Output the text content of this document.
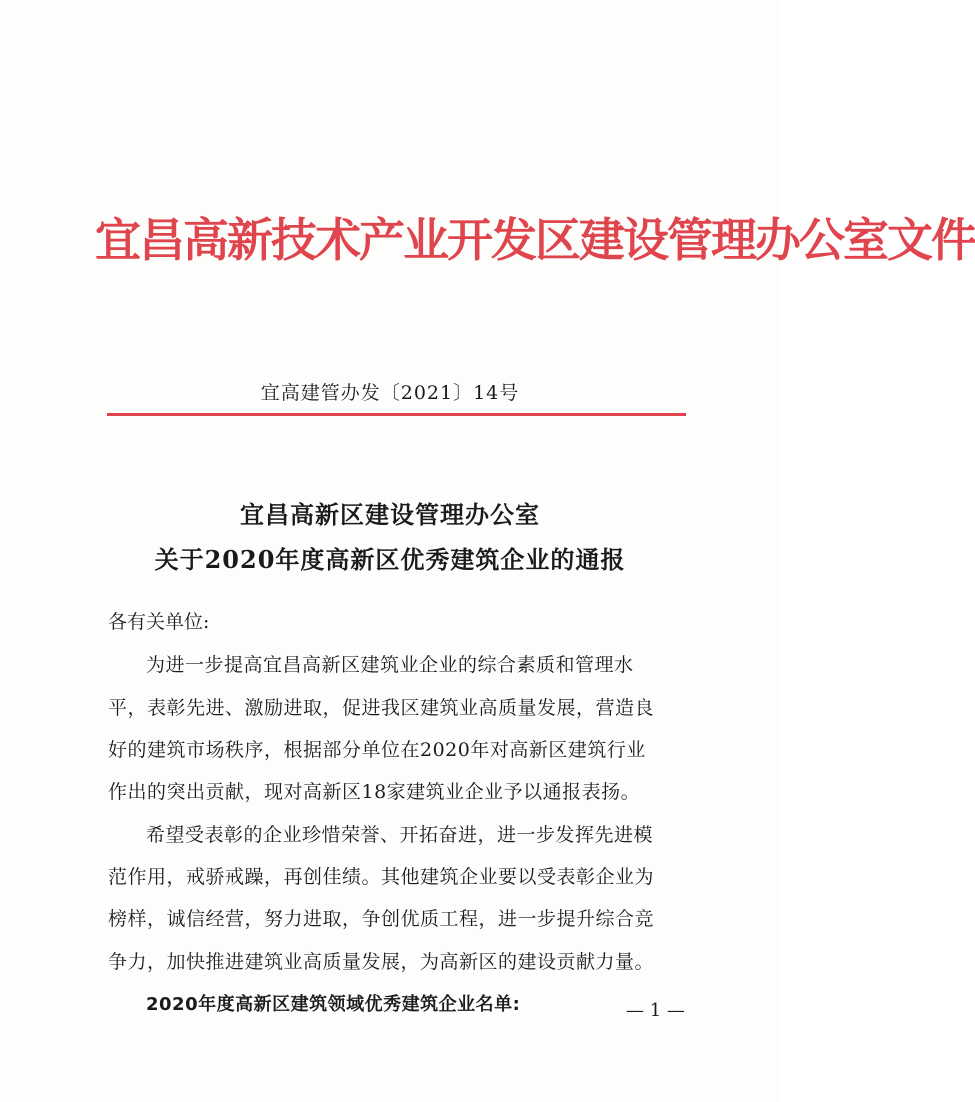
宜昌高新技术产业开发区建设管理办公室文件
宜高建管办发〔2021〕14号
宜昌高新区建设管理办公室
关于2020年度高新区优秀建筑企业的通报
各有关单位:
为进一步提高宜昌高新区建筑业企业的综合素质和管理水
平，表彰先进、激励进取，促进我区建筑业高质量发展，营造良
好的建筑市场秩序，根据部分单位在2020年对高新区建筑行业
作出的突出贡献，现对高新区18家建筑业企业予以通报表扬。
希望受表彰的企业珍惜荣誉、开拓奋进，进一步发挥先进模
范作用，戒骄戒躁，再创佳绩。其他建筑企业要以受表彰企业为
榜样，诚信经营，努力进取，争创优质工程，进一步提升综合竞
争力，加快推进建筑业高质量发展，为高新区的建设贡献力量。
2020年度高新区建筑领域优秀建筑企业名单:	— 1 —
